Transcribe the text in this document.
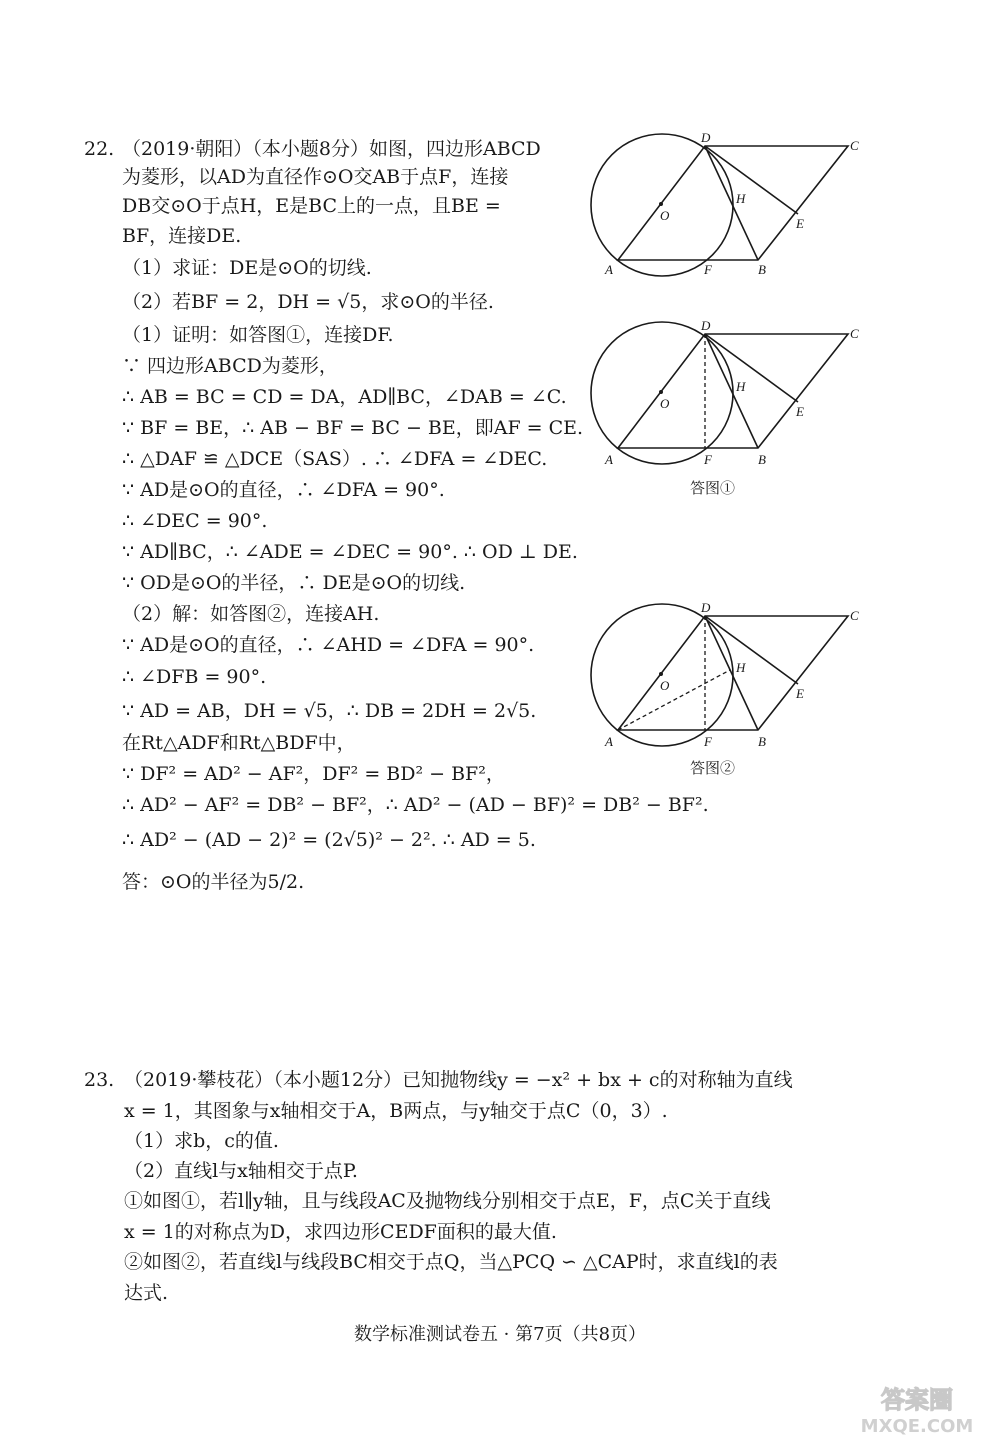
22. （2019·朝阳）（本小题8分）如图，四边形ABCD
为菱形，以AD为直径作⊙O交AB于点F，连接
DB交⊙O于点H，E是BC上的一点，且BE =
BF，连接DE.
（1）求证：DE是⊙O的切线.
（2）若BF = 2，DH = √5，求⊙O的半径.
（1）证明：如答图①，连接DF.
∵ 四边形ABCD为菱形，
∴ AB = BC = CD = DA，AD∥BC，∠DAB = ∠C.
∵ BF = BE，∴ AB − BF = BC − BE，即AF = CE.
∴ △DAF ≌ △DCE（SAS）. ∴ ∠DFA = ∠DEC.
∵ AD是⊙O的直径，∴ ∠DFA = 90°.
∴ ∠DEC = 90°.
∵ AD∥BC，∴ ∠ADE = ∠DEC = 90°. ∴ OD ⊥ DE.
∵ OD是⊙O的半径，∴ DE是⊙O的切线.
（2）解：如答图②，连接AH.
∵ AD是⊙O的直径，∴ ∠AHD = ∠DFA = 90°.
∴ ∠DFB = 90°.
∵ AD = AB，DH = √5，∴ DB = 2DH = 2√5.
在Rt△ADF和Rt△BDF中，
∵ DF² = AD² − AF²，DF² = BD² − BF²，
∴ AD² − AF² = DB² − BF²，∴ AD² − (AD − BF)² = DB² − BF².
∴ AD² − (AD − 2)² = (2√5)² − 2². ∴ AD = 5.
答：⊙O的半径为5/2.
D
C
H
O
E
A	F	B
D
C
H
O
E
A	F	B
答图①
D
C
H
O
E
A	F	B
答图②
23. （2019·攀枝花）（本小题12分）已知抛物线y = −x² + bx + c的对称轴为直线
x = 1，其图象与x轴相交于A，B两点，与y轴交于点C（0，3）.
（1）求b，c的值.
（2）直线l与x轴相交于点P.
①如图①，若l∥y轴，且与线段AC及抛物线分别相交于点E，F，点C关于直线
x = 1的对称点为D，求四边形CEDF面积的最大值.
②如图②，若直线l与线段BC相交于点Q，当△PCQ ∽ △CAP时，求直线l的表
达式.
数学标准测试卷五 · 第7页（共8页）
答案圈
MXQE.COM
